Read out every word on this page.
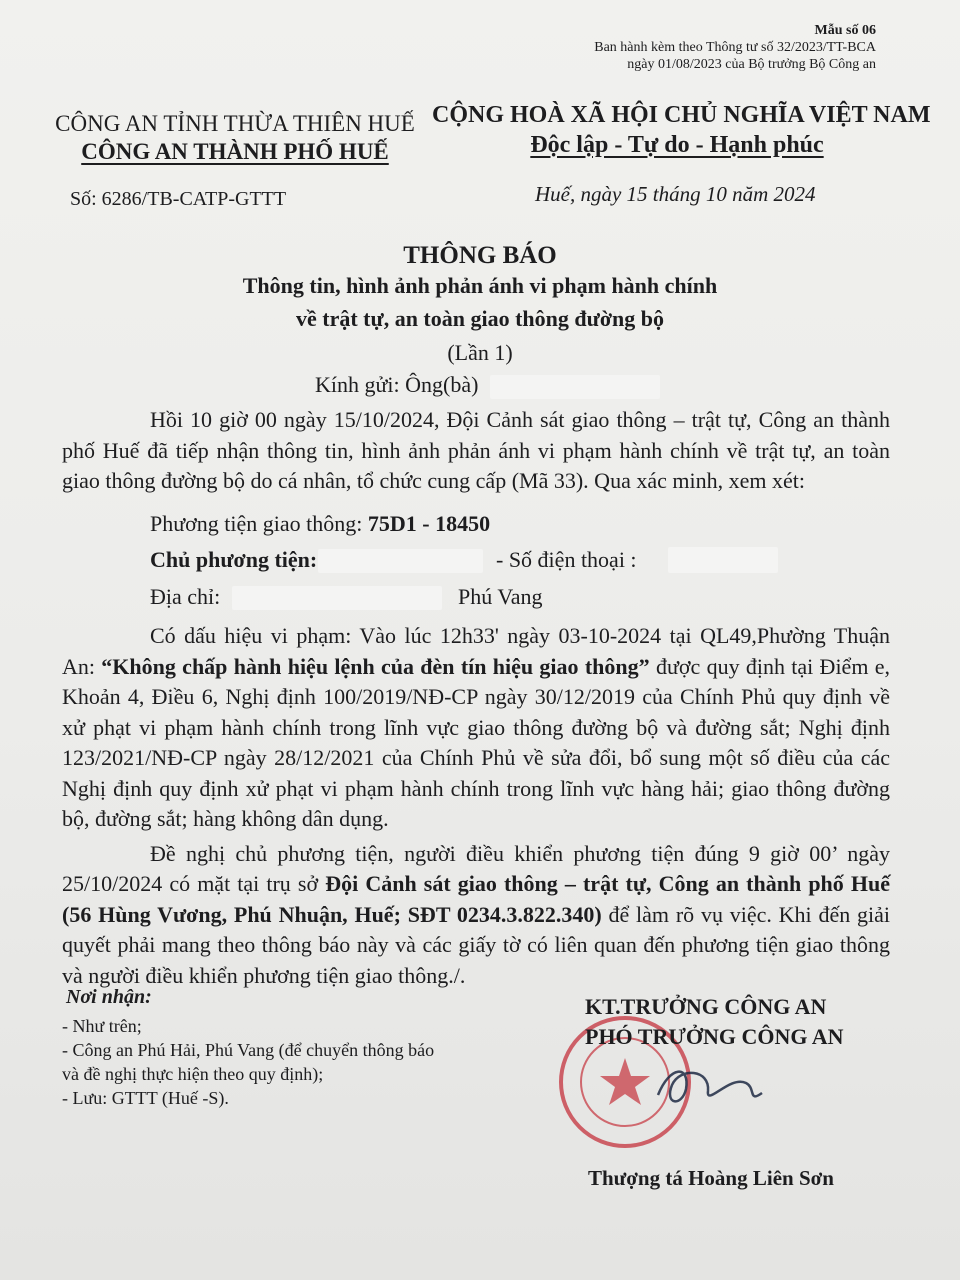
Mẫu số 06
Ban hành kèm theo Thông tư số 32/2023/TT-BCA
ngày 01/08/2023 của Bộ trưởng Bộ Công an
CÔNG AN TỈNH THỪA THIÊN HUẾ
CÔNG AN THÀNH PHỐ HUẾ
CỘNG HOÀ XÃ HỘI CHỦ NGHĨA VIỆT NAM
Độc lập - Tự do - Hạnh phúc
Số: 6286/TB-CATP-GTTT	Huế, ngày 15 tháng 10 năm 2024
THÔNG BÁO
Thông tin, hình ảnh phản ánh vi phạm hành chính
về trật tự, an toàn giao thông đường bộ
(Lần 1)
Kính gửi: Ông(bà)

Hồi 10 giờ 00 ngày 15/10/2024, Đội Cảnh sát giao thông – trật tự, Công an thành phố Huế đã tiếp nhận thông tin, hình ảnh phản ánh vi phạm hành chính về trật tự, an toàn giao thông đường bộ do cá nhân, tổ chức cung cấp (Mã 33). Qua xác minh, xem xét:

Phương tiện giao thông: 75D1 - 18450
Chủ phương tiện:	- Số điện thoại :
Địa chỉ:	Phú Vang

Có dấu hiệu vi phạm: Vào lúc 12h33' ngày 03-10-2024 tại QL49,Phường Thuận An: “Không chấp hành hiệu lệnh của đèn tín hiệu giao thông” được quy định tại Điểm e, Khoản 4, Điều 6, Nghị định 100/2019/NĐ-CP ngày 30/12/2019 của Chính Phủ quy định về xử phạt vi phạm hành chính trong lĩnh vực giao thông đường bộ và đường sắt; Nghị định 123/2021/NĐ-CP ngày 28/12/2021 của Chính Phủ về sửa đổi, bổ sung một số điều của các Nghị định quy định xử phạt vi phạm hành chính trong lĩnh vực hàng hải; giao thông đường bộ, đường sắt; hàng không dân dụng.

Đề nghị chủ phương tiện, người điều khiển phương tiện đúng 9 giờ 00’ ngày 25/10/2024 có mặt tại trụ sở Đội Cảnh sát giao thông – trật tự, Công an thành phố Huế (56 Hùng Vương, Phú Nhuận, Huế; SĐT 0234.3.822.340) để làm rõ vụ việc. Khi đến giải quyết phải mang theo thông báo này và các giấy tờ có liên quan đến phương tiện giao thông và người điều khiển phương tiện giao thông./.

Nơi nhận:
- Như trên;
- Công an Phú Hải, Phú Vang (để chuyển thông báo
và đề nghị thực hiện theo quy định);
- Lưu: GTTT (Huế -S).
KT.TRƯỞNG CÔNG AN
PHÓ TRƯỞNG CÔNG AN
Thượng tá Hoàng Liên Sơn
